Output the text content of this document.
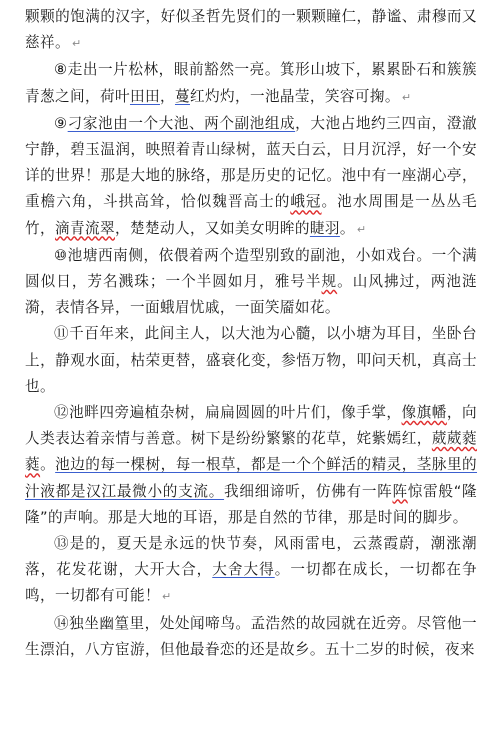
颗颗的饱满的汉字，好似圣哲先贤们的一颗颗瞳仁，静谧、肃穆而又慈祥。 ↵

⑧走出一片松林，眼前豁然一亮。箕形山坡下，累累卧石和簇簇青葱之间，荷叶田田，蔓红灼灼，一池晶莹，笑容可掬。 ↵

⑨刁家池由一个大池、两个副池组成，大池占地约三四亩，澄澈宁静，碧玉温润，映照着青山绿树，蓝天白云，日月沉浮，好一个安详的世界！那是大地的脉络，那是历史的记忆。池中有一座湖心亭，重檐六角，斗拱高耸，恰似魏晋高士的峨冠。池水周围是一丛丛毛竹，滴青流翠，楚楚动人，又如美女明眸的睫羽。 ↵

⑩池塘西南侧，依偎着两个造型别致的副池，小如戏台。一个满圆似日，芳名溅珠；一个半圆如月，雅号半规。山风拂过，两池涟漪，表情各异，一面蛾眉忧戚，一面笑靥如花。

⑪千百年来，此间主人，以大池为心髓，以小塘为耳目，坐卧台上，静观水面，枯荣更替，盛衰化变，参悟万物，叩问天机，真高士也。

⑫池畔四旁遍植杂树，扁扁圆圆的叶片们，像手掌，像旗幡，向人类表达着亲情与善意。树下是纷纷繁繁的花草，姹紫嫣红，葳葳蕤蕤。池边的每一棵树，每一根草，都是一个个鲜活的精灵，茎脉里的汁液都是汉江最微小的支流。我细细谛听，仿佛有一阵阵惊雷般“隆隆”的声响。那是大地的耳语，那是自然的节律，那是时间的脚步。

⑬是的，夏天是永远的快节奏，风雨雷电，云蒸霞蔚，潮涨潮落，花发花谢，大开大合，大舍大得。一切都在成长，一切都在争鸣，一切都有可能！ ↵

⑭独坐幽篁里，处处闻啼鸟。孟浩然的故园就在近旁。尽管他一生漂泊，八方宦游，但他最眷恋的还是故乡。五十二岁的时候，夜来
